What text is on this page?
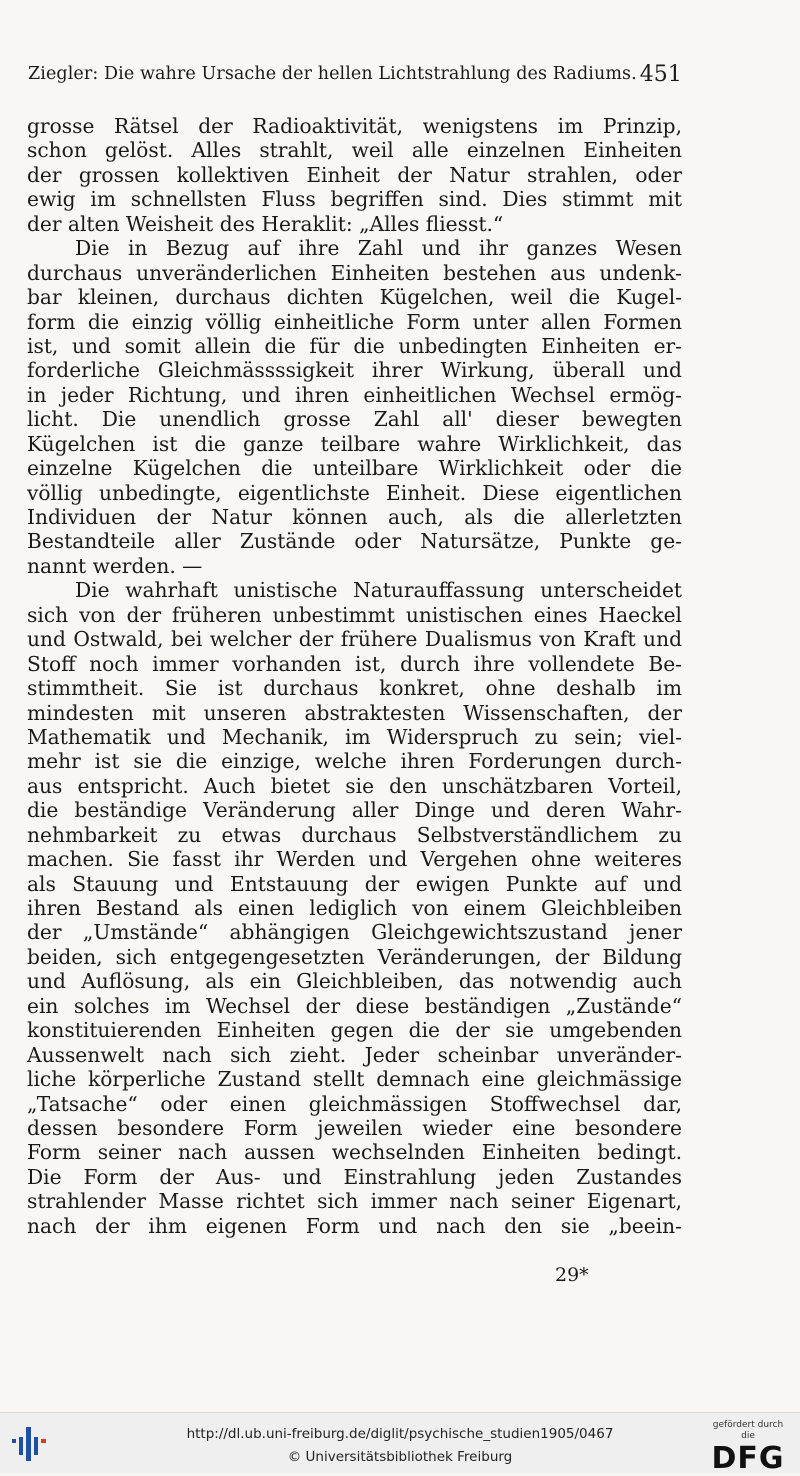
Ziegler: Die wahre Ursache der hellen Lichtstrahlung des Radiums. 451
grosse Rätsel der Radioaktivität, wenigstens im Prinzip,
schon gelöst. Alles strahlt, weil alle einzelnen Einheiten
der grossen kollektiven Einheit der Natur strahlen, oder
ewig im schnellsten Fluss begriffen sind. Dies stimmt mit
der alten Weisheit des Heraklit: „Alles fliesst.“
Die in Bezug auf ihre Zahl und ihr ganzes Wesen
durchaus unveränderlichen Einheiten bestehen aus undenk-
bar kleinen, durchaus dichten Kügelchen, weil die Kugel-
form die einzig völlig einheitliche Form unter allen Formen
ist, und somit allein die für die unbedingten Einheiten er-
forderliche Gleichmässssigkeit ihrer Wirkung, überall und
in jeder Richtung, und ihren einheitlichen Wechsel ermög-
licht. Die unendlich grosse Zahl all' dieser bewegten
Kügelchen ist die ganze teilbare wahre Wirklichkeit, das
einzelne Kügelchen die unteilbare Wirklichkeit oder die
völlig unbedingte, eigentlichste Einheit. Diese eigentlichen
Individuen der Natur können auch, als die allerletzten
Bestandteile aller Zustände oder Natursätze, Punkte ge-
nannt werden. —
Die wahrhaft unistische Naturauffassung unterscheidet
sich von der früheren unbestimmt unistischen eines Haeckel
und Ostwald, bei welcher der frühere Dualismus von Kraft und
Stoff noch immer vorhanden ist, durch ihre vollendete Be-
stimmtheit. Sie ist durchaus konkret, ohne deshalb im
mindesten mit unseren abstraktesten Wissenschaften, der
Mathematik und Mechanik, im Widerspruch zu sein; viel-
mehr ist sie die einzige, welche ihren Forderungen durch-
aus entspricht. Auch bietet sie den unschätzbaren Vorteil,
die beständige Veränderung aller Dinge und deren Wahr-
nehmbarkeit zu etwas durchaus Selbstverständlichem zu
machen. Sie fasst ihr Werden und Vergehen ohne weiteres
als Stauung und Entstauung der ewigen Punkte auf und
ihren Bestand als einen lediglich von einem Gleichbleiben
der „Umstände“ abhängigen Gleichgewichtszustand jener
beiden, sich entgegengesetzten Veränderungen, der Bildung
und Auflösung, als ein Gleichbleiben, das notwendig auch
ein solches im Wechsel der diese beständigen „Zustände“
konstituierenden Einheiten gegen die der sie umgebenden
Aussenwelt nach sich zieht. Jeder scheinbar unveränder-
liche körperliche Zustand stellt demnach eine gleichmässige
„Tatsache“ oder einen gleichmässigen Stoffwechsel dar,
dessen besondere Form jeweilen wieder eine besondere
Form seiner nach aussen wechselnden Einheiten bedingt.
Die Form der Aus- und Einstrahlung jeden Zustandes
strahlender Masse richtet sich immer nach seiner Eigenart,
nach der ihm eigenen Form und nach den sie „beein-
29*
http://dl.ub.uni-freiburg.de/diglit/psychische_studien1905/0467
© Universitätsbibliothek Freiburg
gefördert durch die
DFG
